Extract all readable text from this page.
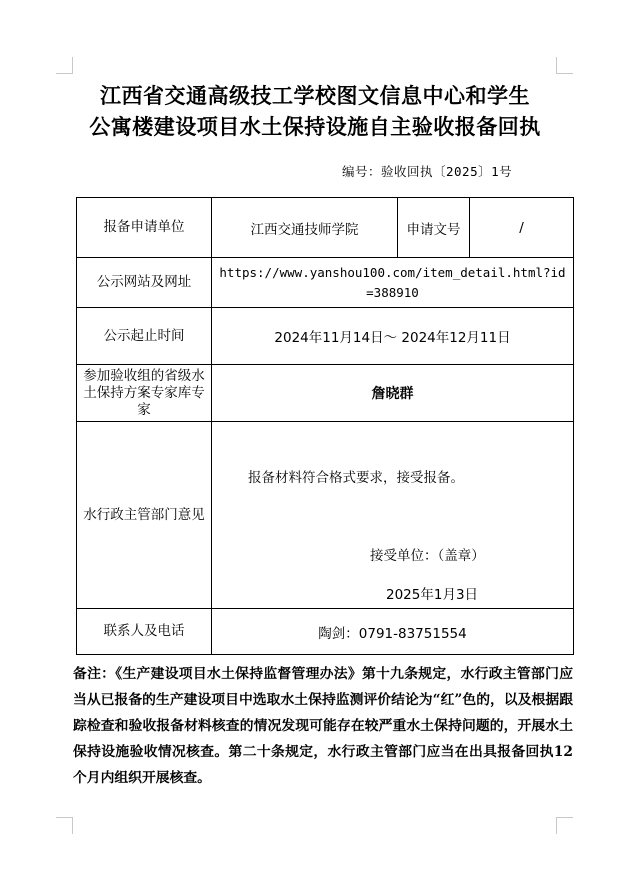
江西省交通高级技工学校图文信息中心和学生
公寓楼建设项目水土保持设施自主验收报备回执
编号：验收回执〔2025〕1号
报备申请单位	江西交通技师学院	申请文号	/
公示网站及网址	https://www.yanshou100.com/item_detail.html?id=388910		
公示起止时间	2024年11月14日～ 2024年12月11日		
参加验收组的省级水土保持方案专家库专家	詹晓群		
水行政主管部门意见	报备材料符合格式要求，接受报备。
接受单位：（盖章）
2025年1月3日		

联系人及电话	陶剑：0791-83751554		
备注：《生产建设项目水土保持监督管理办法》第十九条规定，水行政主管部门应当从已报备的生产建设项目中选取水土保持监测评价结论为“红”色的，以及根据跟踪检查和验收报备材料核查的情况发现可能存在较严重水土保持问题的，开展水土保持设施验收情况核查。第二十条规定，水行政主管部门应当在出具报备回执12个月内组织开展核查。
